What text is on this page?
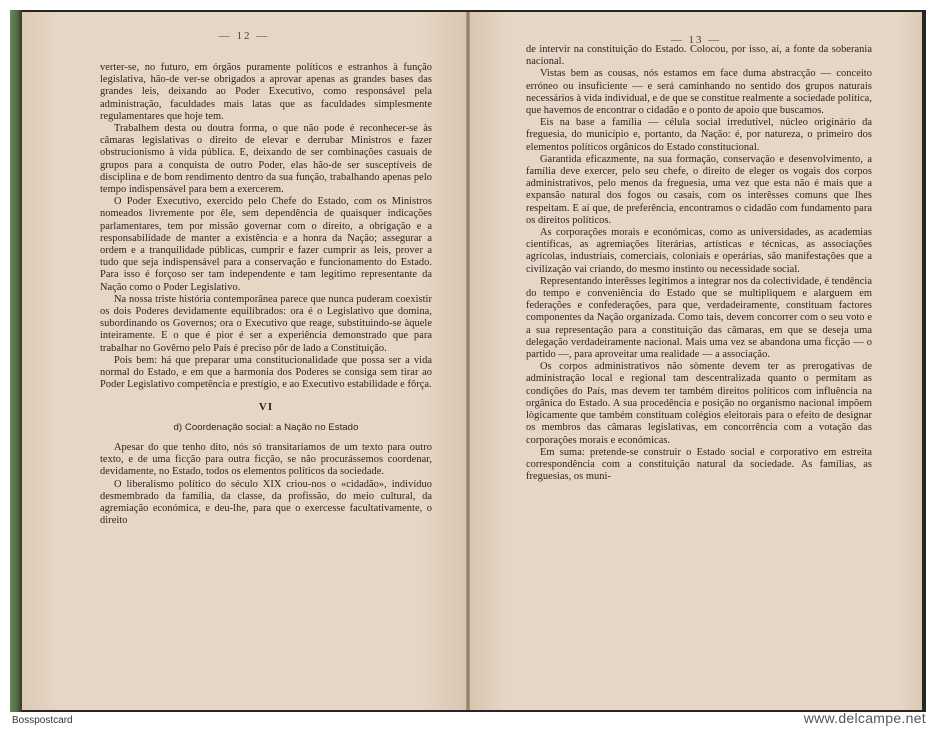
— 12 —

verter-se, no futuro, em órgãos puramente políticos e estranhos à função legislativa, hão-de ver-se obrigados a aprovar apenas as grandes bases das grandes leis, deixando ao Poder Executivo, como responsável pela administração, faculdades mais latas que as faculdades simplesmente regulamentares que hoje tem.

Trabalhem desta ou doutra forma, o que não pode é reconhecer-se às câmaras legislativas o direito de elevar e derrubar Ministros e fazer obstrucionismo à vida pública. E, deixando de ser combinações casuais de grupos para a conquista de outro Poder, elas hão-de ser susceptíveis de disciplina e de bom rendimento dentro da sua função, trabalhando apenas pelo tempo indispensável para bem a exercerem.

O Poder Executivo, exercido pelo Chefe do Estado, com os Ministros nomeados livremente por êle, sem dependência de quaisquer indicações parlamentares, tem por missão governar com o direito, a obrigação e a responsabilidade de manter a existência e a honra da Nação; assegurar a ordem e a tranquilidade públicas, cumprir e fazer cumprir as leis, prover a tudo que seja indispensável para a conservação e funcionamento do Estado. Para isso é forçoso ser tam independente e tam legítimo representante da Nação como o Poder Legislativo.

Na nossa triste história contemporânea parece que nunca puderam coexistir os dois Poderes devidamente equilibrados: ora é o Legislativo que domina, subordinando os Governos; ora o Executivo que reage, substituindo-se àquele inteiramente. E o que é pior é ser a experiência demonstrado que para trabalhar no Govêrno pelo País é preciso pôr de lado a Constituição.

Pois bem: há que preparar uma constitucionalidade que possa ser a vida normal do Estado, e em que a harmonia dos Poderes se consiga sem tirar ao Poder Legislativo competência e prestígio, e ao Executivo estabilidade e fôrça.

VI
d) Coordenação social: a Nação no Estado

Apesar do que tenho dito, nós só transitaríamos de um texto para outro texto, e de uma ficção para outra ficção, se não procurássemos coordenar, devidamente, no Estado, todos os elementos políticos da sociedade.

O liberalismo político do século XIX criou-nos o «cidadão», indivíduo desmembrado da família, da classe, da profissão, do meio cultural, da agremiação económica, e deu-lhe, para que o exercesse facultativamente, o direito

— 13 —

de intervir na constituição do Estado. Colocou, por isso, aí, a fonte da soberania nacional.

Vistas bem as cousas, nós estamos em face duma abstracção — conceito erróneo ou insuficiente — e será caminhando no sentido dos grupos naturais necessários à vida individual, e de que se constitue realmente a sociedade política, que havemos de encontrar o cidadão e o ponto de apoio que buscamos.

Eis na base a família — célula social irredutível, núcleo originário da freguesia, do município e, portanto, da Nação: é, por natureza, o primeiro dos elementos políticos orgânicos do Estado constitucional.

Garantida eficazmente, na sua formação, conservação e desenvolvimento, a família deve exercer, pelo seu chefe, o direito de eleger os vogais dos corpos administrativos, pelo menos da freguesia, uma vez que esta não é mais que a expansão natural dos fogos ou casais, com os interêsses comuns que lhes respeitam. E aí que, de preferência, encontramos o cidadão com fundamento para os direitos políticos.

As corporações morais e económicas, como as universidades, as academias científicas, as agremiações literárias, artísticas e técnicas, as associações agrícolas, industriais, comerciais, coloniais e operárias, são manifestações que a civilização vai criando, do mesmo instinto ou necessidade social.

Representando interêsses legítimos a integrar nos da colectividade, é tendência do tempo e conveniência do Estado que se multipliquem e alarguem em federações e confederações, para que, verdadeiramente, constituam factores componentes da Nação organizada. Como tais, devem concorrer com o seu voto e a sua representação para a constituição das câmaras, em que se deseja uma delegação verdadeiramente nacional. Mais uma vez se abandona uma ficção — o partido —, para aproveitar uma realidade — a associação.

Os corpos administrativos não sòmente devem ter as prerogativas de administração local e regional tam descentralizada quanto o permitam as condições do País, mas devem ter também direitos políticos com influência na orgânica do Estado. A sua procedência e posição no organismo nacional impõem lògicamente que também constituam colégios eleitorais para o efeito de designar os membros das câmaras legislativas, em concorrência com a votação das corporações morais e económicas.

Em suma: pretende-se construir o Estado social e corporativo em estreita correspondência com a constituição natural da sociedade. As famílias, as freguesias, os muni-

Bosspostcard	www.delcampe.net
